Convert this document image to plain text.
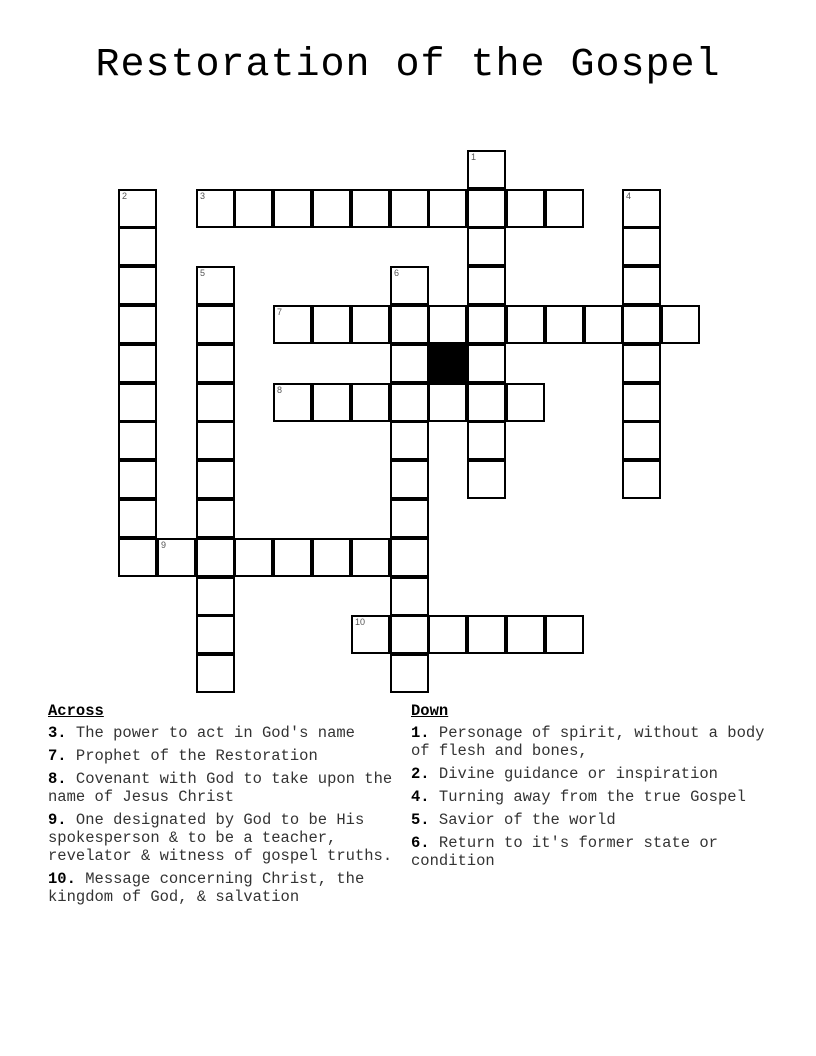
Restoration of the Gospel
1
2	3	4
5	6
7
8
9
10
Across
3. The power to act in God's name
7. Prophet of the Restoration
8. Covenant with God to take upon the name of Jesus Christ
9. One designated by God to be His spokesperson & to be a teacher, revelator & witness of gospel truths.
10. Message concerning Christ, the kingdom of God, & salvation
Down
1. Personage of spirit, without a body of flesh and bones,
2. Divine guidance or inspiration
4. Turning away from the true Gospel
5. Savior of the world
6. Return to it's former state or condition
